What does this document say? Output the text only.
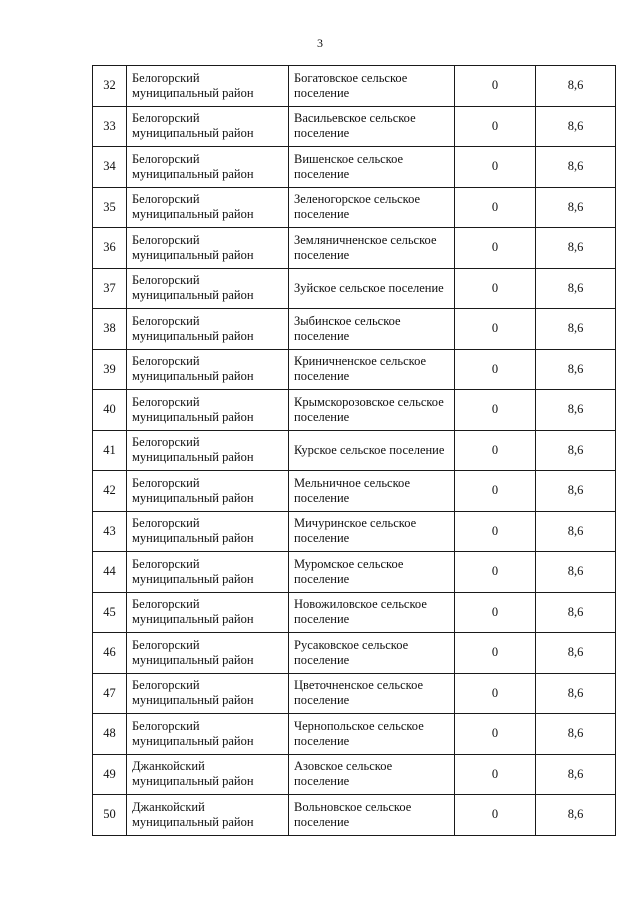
3
32	Белогорский муниципальный район	Богатовское сельское поселение	0	8,6
33	Белогорский муниципальный район	Васильевское сельское поселение	0	8,6
34	Белогорский муниципальный район	Вишенское сельское поселение	0	8,6
35	Белогорский муниципальный район	Зеленогорское сельское поселение	0	8,6
36	Белогорский муниципальный район	Земляничненское сельское поселение	0	8,6
37	Белогорский муниципальный район	Зуйское сельское поселение	0	8,6
38	Белогорский муниципальный район	Зыбинское сельское поселение	0	8,6
39	Белогорский муниципальный район	Криничненское сельское поселение	0	8,6
40	Белогорский муниципальный район	Крымскорозовское сельское поселение	0	8,6
41	Белогорский муниципальный район	Курское сельское поселение	0	8,6
42	Белогорский муниципальный район	Мельничное сельское поселение	0	8,6
43	Белогорский муниципальный район	Мичуринское сельское поселение	0	8,6
44	Белогорский муниципальный район	Муромское сельское поселение	0	8,6
45	Белогорский муниципальный район	Новожиловское сельское поселение	0	8,6
46	Белогорский муниципальный район	Русаковское сельское поселение	0	8,6
47	Белогорский муниципальный район	Цветочненское сельское поселение	0	8,6
48	Белогорский муниципальный район	Чернопольское сельское поселение	0	8,6
49	Джанкойский муниципальный район	Азовское сельское поселение	0	8,6
50	Джанкойский муниципальный район	Вольновское сельское поселение	0	8,6
